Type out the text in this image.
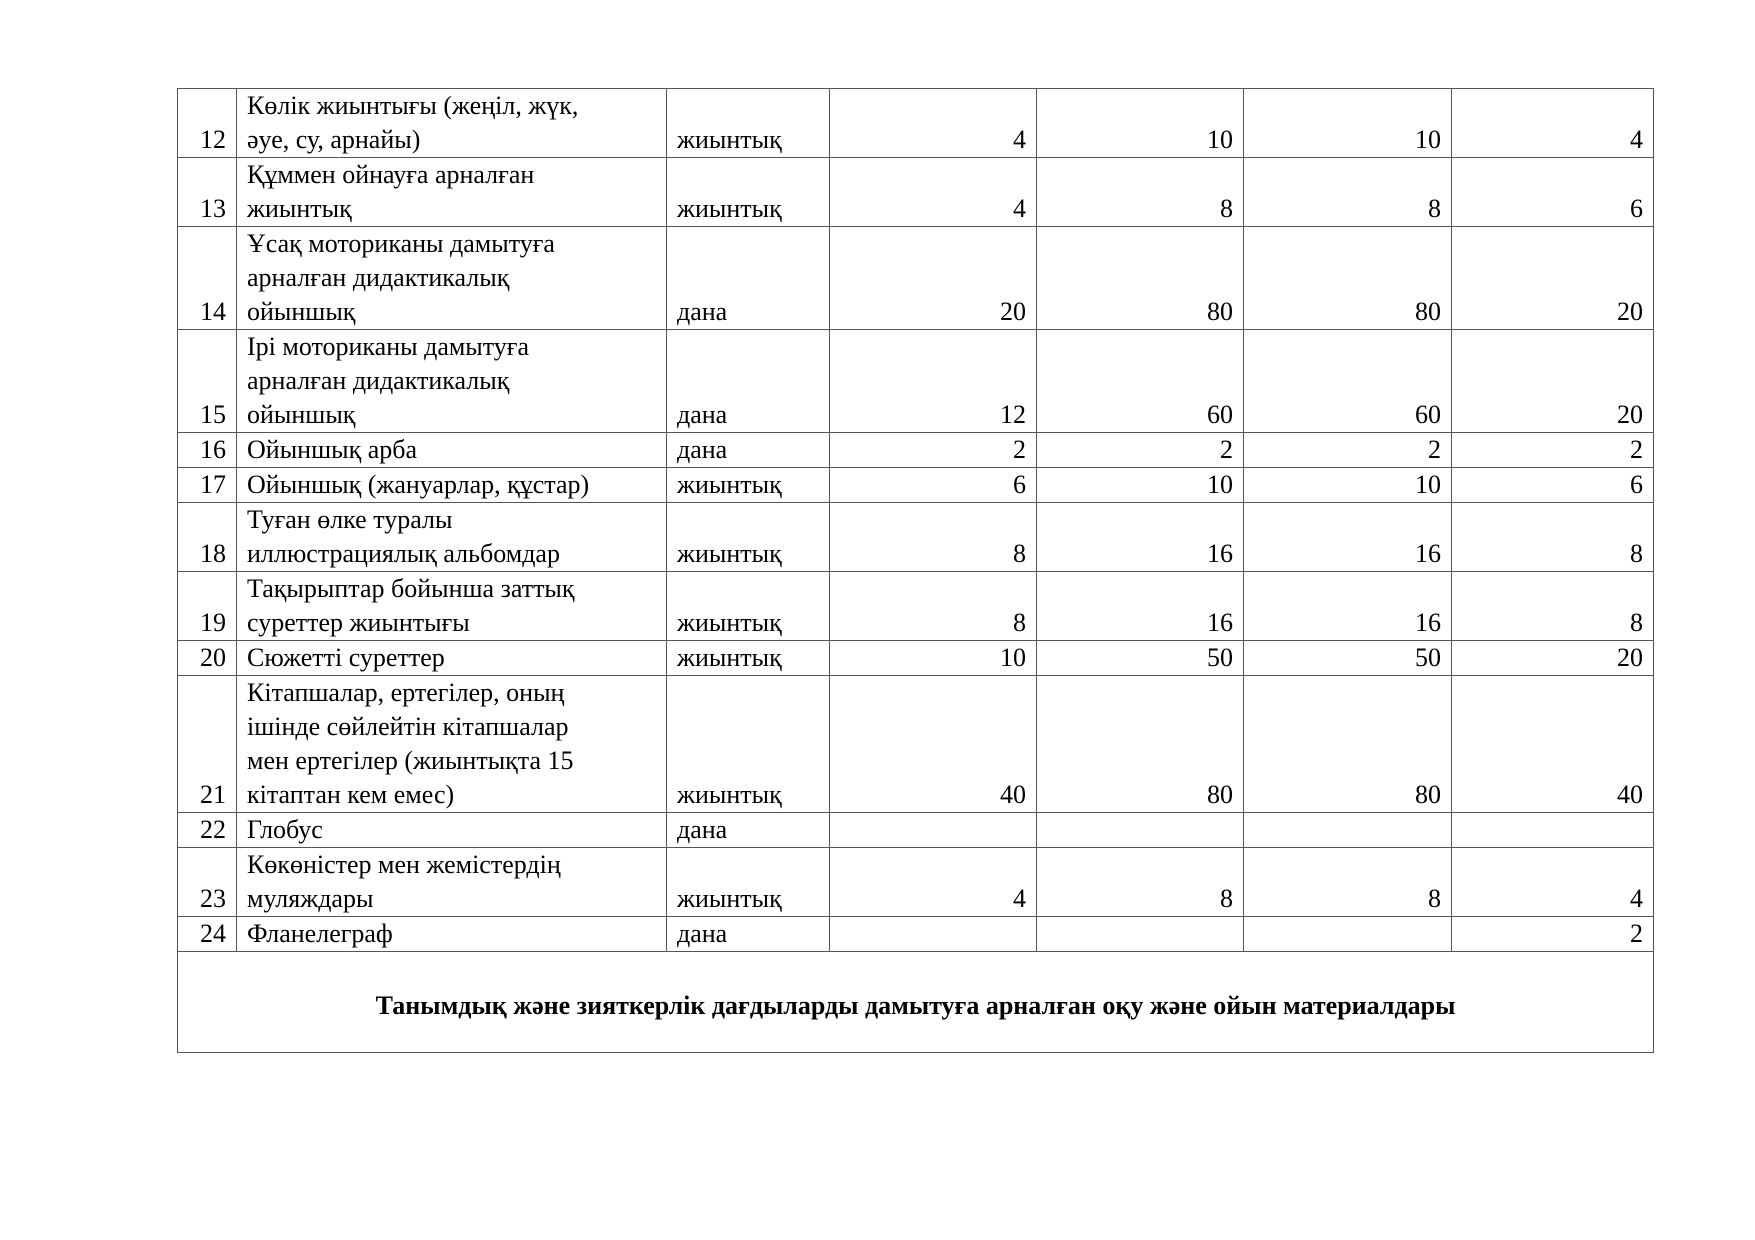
12	Көлік жиынтығы (жеңіл, жүк,
әуе, су, арнайы)	жиынтық	4	10	10	4
13	Құммен ойнауға арналған
жиынтық	жиынтық	4	8	8	6
14	Ұсақ моториканы дамытуға
арналған дидактикалық
ойыншық	дана	20	80	80	20
15	Ірі моториканы дамытуға
арналған дидактикалық
ойыншық	дана	12	60	60	20
16	Ойыншық арба	дана	2	2	2	2
17	Ойыншық (жануарлар, құстар)	жиынтық	6	10	10	6
18	Туған өлке туралы
иллюстрациялық альбомдар	жиынтық	8	16	16	8
19	Тақырыптар бойынша заттық
суреттер жиынтығы	жиынтық	8	16	16	8
20	Сюжетті суреттер	жиынтық	10	50	50	20
21	Кітапшалар, ертегілер, оның
ішінде сөйлейтін кітапшалар
мен ертегілер (жиынтықта 15
кітаптан кем емес)	жиынтық	40	80	80	40
22	Глобус	дана				
23	Көкөністер мен жемістердің
муляждары	жиынтық	4	8	8	4
24	Фланелеграф	дана				2
Танымдық және зияткерлік дағдыларды дамытуға арналған оқу және ойын материалдары						
